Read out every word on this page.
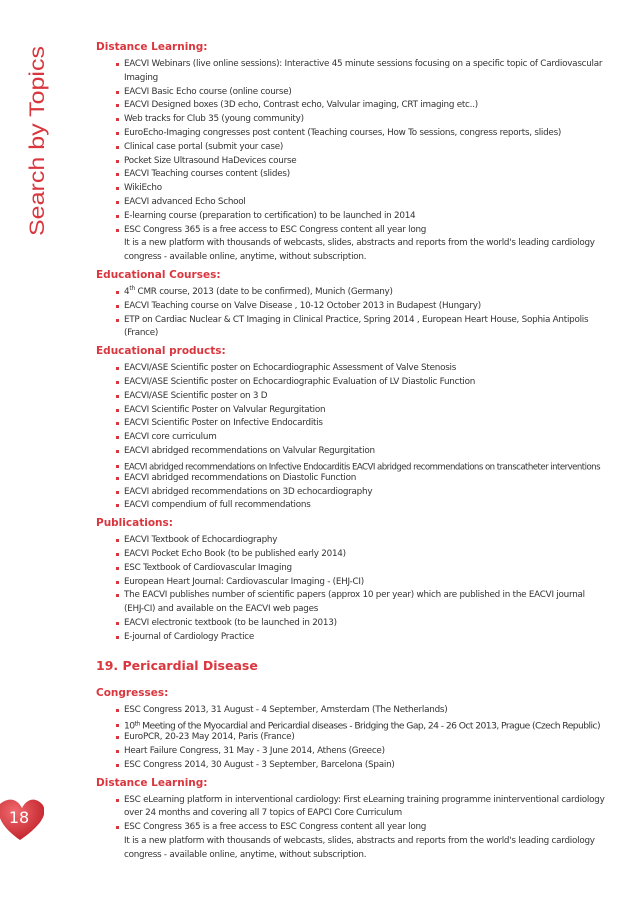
Search by Topics
Distance Learning:
EACVI Webinars (live online sessions): Interactive 45 minute sessions focusing on a specific topic of Cardiovascular Imaging
EACVI Basic Echo course (online course)
EACVI Designed boxes (3D echo, Contrast echo, Valvular imaging, CRT imaging etc..)
Web tracks for Club 35 (young community)
EuroEcho-Imaging congresses post content (Teaching courses, How To sessions, congress reports, slides)
Clinical case portal (submit your case)
Pocket Size Ultrasound HaDevices course
EACVI Teaching courses content (slides)
WikiEcho
EACVI advanced Echo School
E-learning course (preparation to certification) to be launched in 2014
ESC Congress 365 is a free access to ESC Congress content all year long
It is a new platform with thousands of webcasts, slides, abstracts and reports from the world's leading cardiology congress - available online, anytime, without subscription.
Educational Courses:
4th CMR course, 2013 (date to be confirmed), Munich (Germany)
EACVI Teaching course on Valve Disease , 10-12 October 2013 in Budapest (Hungary)
ETP on Cardiac Nuclear & CT Imaging in Clinical Practice, Spring 2014 , European Heart House, Sophia Antipolis (France)
Educational products:
EACVI/ASE Scientific poster on Echocardiographic Assessment of Valve Stenosis
EACVI/ASE Scientific poster on Echocardiographic Evaluation of LV Diastolic Function
EACVI/ASE Scientific poster on 3 D
EACVI Scientific Poster on Valvular Regurgitation
EACVI Scientific Poster on Infective Endocarditis
EACVI core curriculum
EACVI abridged recommendations on Valvular Regurgitation
EACVI abridged recommendations on Infective Endocarditis EACVI abridged recommendations on transcatheter interventions
EACVI abridged recommendations on Diastolic Function
EACVI abridged recommendations on 3D echocardiography
EACVI compendium of full recommendations
Publications:
EACVI Textbook of Echocardiography
EACVI Pocket Echo Book (to be published early 2014)
ESC Textbook of Cardiovascular Imaging
European Heart Journal: Cardiovascular Imaging - (EHJ-CI)
The EACVI publishes number of scientific papers (approx 10 per year) which are published in the EACVI journal (EHJ-CI) and available on the EACVI web pages
EACVI electronic textbook (to be launched in 2013)
E-journal of Cardiology Practice
19. Pericardial Disease
Congresses:
ESC Congress 2013, 31 August - 4 September, Amsterdam (The Netherlands)
10th Meeting of the Myocardial and Pericardial diseases - Bridging the Gap, 24 - 26 Oct 2013, Prague (Czech Republic)
EuroPCR, 20-23 May 2014, Paris (France)
Heart Failure Congress, 31 May - 3 June 2014, Athens (Greece)
ESC Congress 2014, 30 August - 3 September, Barcelona (Spain)
Distance Learning:
ESC eLearning platform in interventional cardiology: First eLearning training programme ininterventional cardiology over 24 months and covering all 7 topics of EAPCI Core Curriculum
ESC Congress 365 is a free access to ESC Congress content all year long
It is a new platform with thousands of webcasts, slides, abstracts and reports from the world's leading cardiology congress - available online, anytime, without subscription.
18
